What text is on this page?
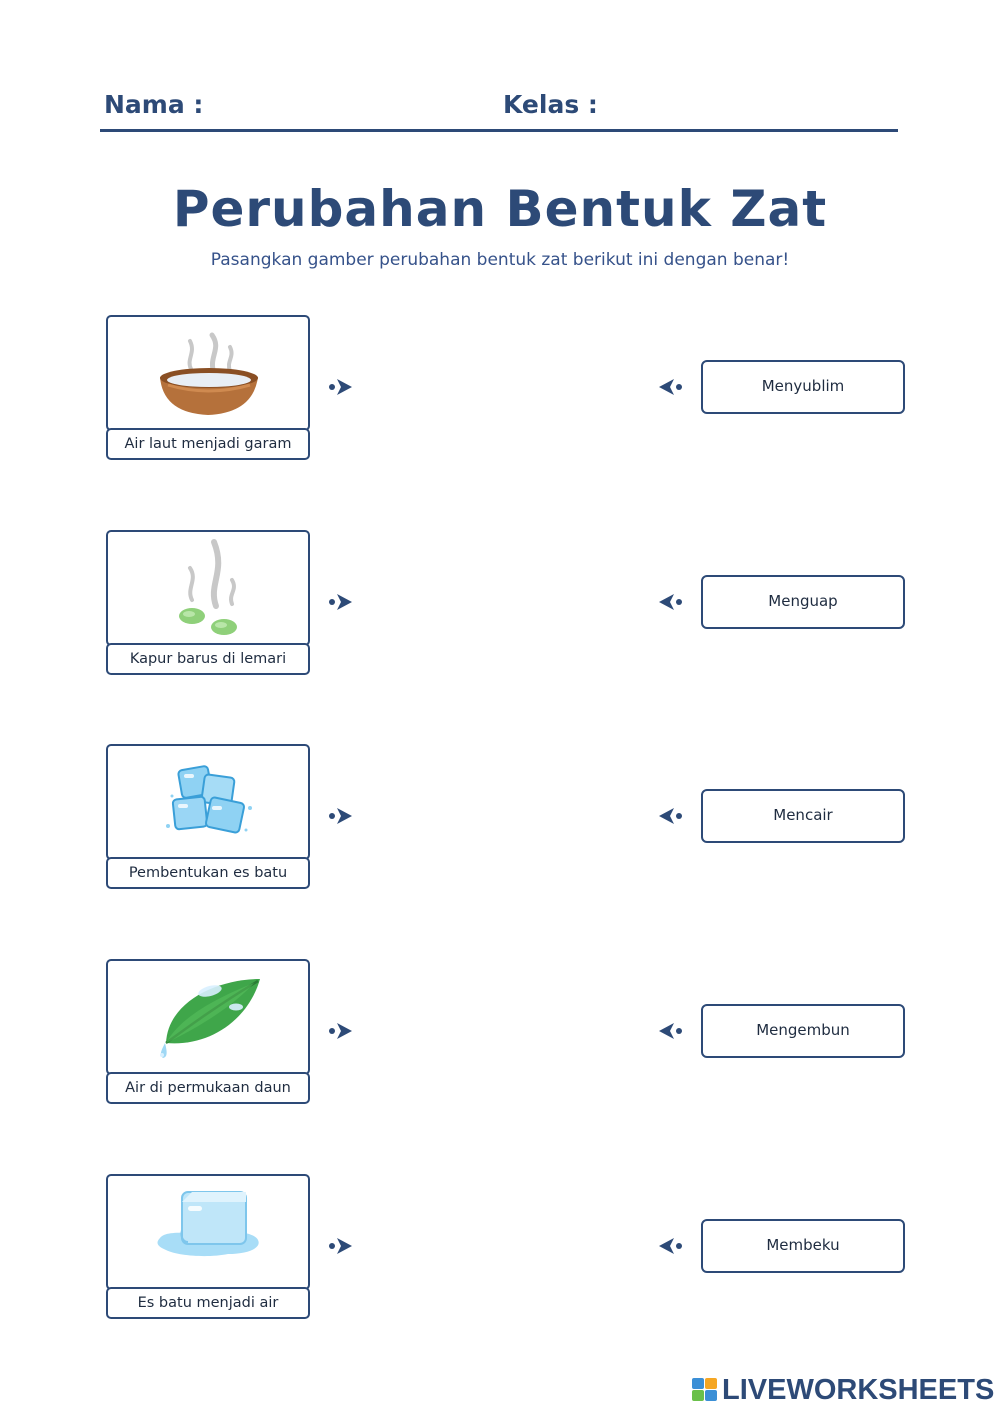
Nama :	Kelas :
Perubahan Bentuk Zat
Pasangkan gamber perubahan bentuk zat berikut ini dengan benar!
Air laut menjadi garam
Menyublim
Kapur barus di lemari
Menguap
Pembentukan es batu
Mencair
Air di permukaan daun
Mengembun
Es batu menjadi air
Membeku
LIVEWORKSHEETS
